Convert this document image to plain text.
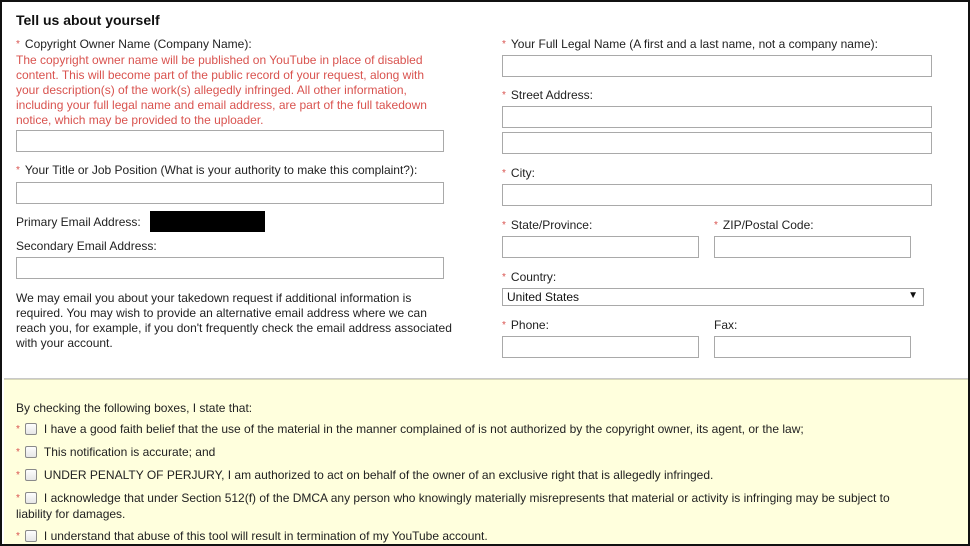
Tell us about yourself
* Copyright Owner Name (Company Name):
The copyright owner name will be published on YouTube in place of disabled
content. This will become part of the public record of your request, along with
your description(s) of the work(s) allegedly infringed. All other information,
including your full legal name and email address, are part of the full takedown
notice, which may be provided to the uploader.
* Your Title or Job Position (What is your authority to make this complaint?):
Primary Email Address:
Secondary Email Address:
We may email you about your takedown request if additional information is
required. You may wish to provide an alternative email address where we can
reach you, for example, if you don't frequently check the email address associated
with your account.
* Your Full Legal Name (A first and a last name, not a company name):
* Street Address:
* City:
* State/Province:	* ZIP/Postal Code:
* Country:
United States	▼
* Phone:	Fax:
By checking the following boxes, I state that:
* I have a good faith belief that the use of the material in the manner complained of is not authorized by the copyright owner, its agent, or the law;
* This notification is accurate; and
* UNDER PENALTY OF PERJURY, I am authorized to act on behalf of the owner of an exclusive right that is allegedly infringed.
* I acknowledge that under Section 512(f) of the DMCA any person who knowingly materially misrepresents that material or activity is infringing may be subject to
liability for damages.
* I understand that abuse of this tool will result in termination of my YouTube account.
